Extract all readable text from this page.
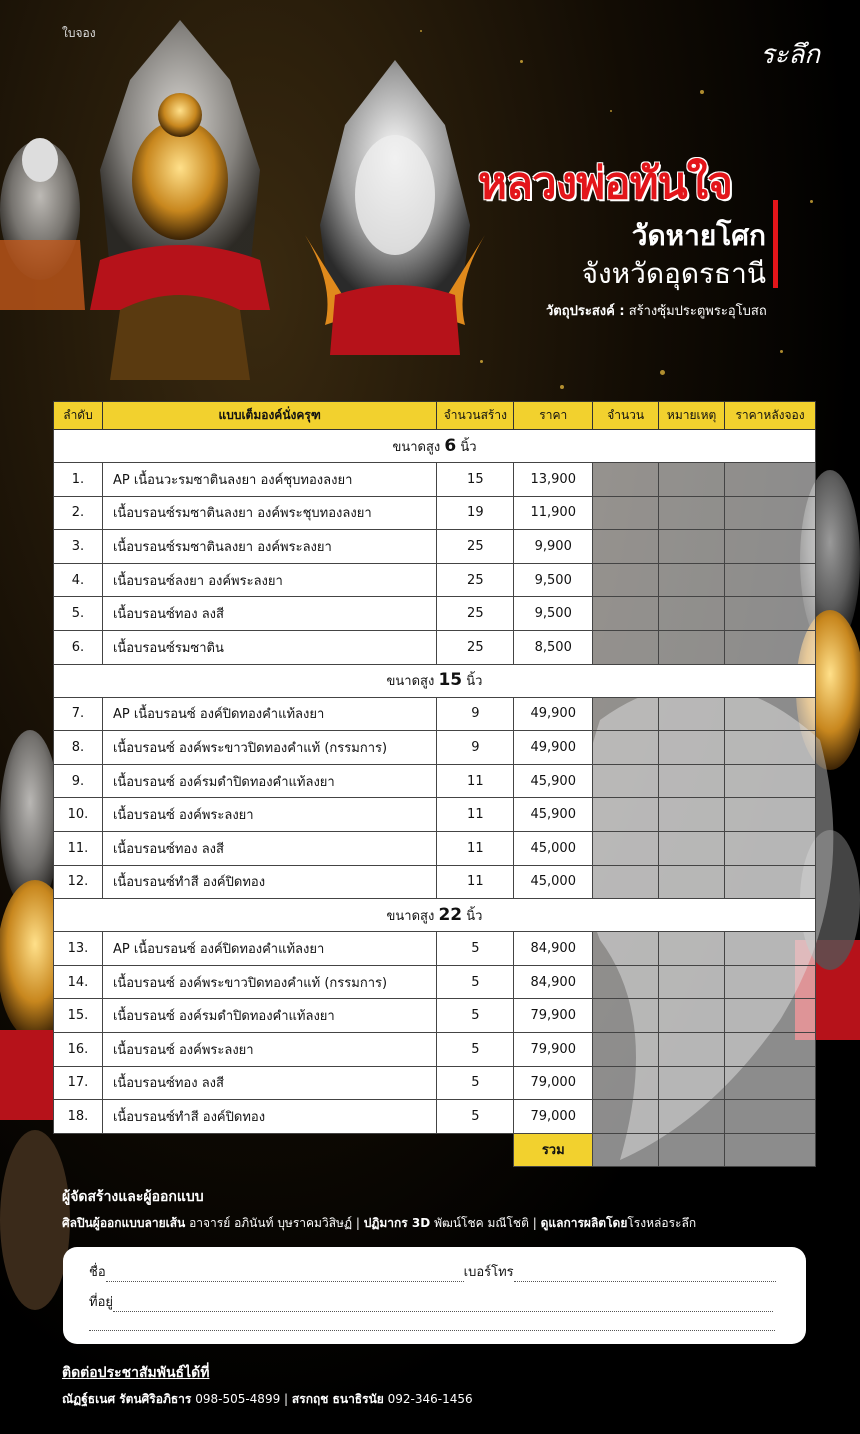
ใบจอง
ระลึก
หลวงพ่อทันใจ
วัดหายโศก
จังหวัดอุดรธานี
วัตถุประสงค์ : สร้างซุ้มประตูพระอุโบสถ
ลำดับ	แบบเต็มองค์นั่งครุฑ	จำนวนสร้าง	ราคา	จำนวน	หมายเหตุ	ราคาหลังจอง
ขนาดสูง 6 นิ้ว						
1.	AP เนื้อนวะรมซาตินลงยา องค์ชุบทองลงยา	15	13,900			
2.	เนื้อบรอนซ์รมซาตินลงยา องค์พระชุบทองลงยา	19	11,900			
3.	เนื้อบรอนซ์รมซาตินลงยา องค์พระลงยา	25	9,900			
4.	เนื้อบรอนซ์ลงยา องค์พระลงยา	25	9,500			
5.	เนื้อบรอนซ์ทอง ลงสี	25	9,500			
6.	เนื้อบรอนซ์รมซาติน	25	8,500			
ขนาดสูง 15 นิ้ว						
7.	AP เนื้อบรอนซ์ องค์ปิดทองคำแท้ลงยา	9	49,900			
8.	เนื้อบรอนซ์ องค์พระขาวปิดทองคำแท้ (กรรมการ)	9	49,900			
9.	เนื้อบรอนซ์ องค์รมดำปิดทองคำแท้ลงยา	11	45,900			
10.	เนื้อบรอนซ์ องค์พระลงยา	11	45,900			
11.	เนื้อบรอนซ์ทอง ลงสี	11	45,000			
12.	เนื้อบรอนซ์ทำสี องค์ปิดทอง	11	45,000			
ขนาดสูง 22 นิ้ว						
13.	AP เนื้อบรอนซ์ องค์ปิดทองคำแท้ลงยา	5	84,900			
14.	เนื้อบรอนซ์ องค์พระขาวปิดทองคำแท้ (กรรมการ)	5	84,900			
15.	เนื้อบรอนซ์ องค์รมดำปิดทองคำแท้ลงยา	5	79,900			
16.	เนื้อบรอนซ์ องค์พระลงยา	5	79,900			
17.	เนื้อบรอนซ์ทอง ลงสี	5	79,000			
18.	เนื้อบรอนซ์ทำสี องค์ปิดทอง	5	79,000			
			รวม			
ผู้จัดสร้างและผู้ออกแบบ
ศิลปินผู้ออกแบบลายเส้น อาจารย์ อภินันท์ บุษราคมวิสิษฏ์ | ปฏิมากร 3D พัฒน์โชค มณีโชติ | ดูแลการผลิตโดยโรงหล่อระลึก
ชื่อ	เบอร์โทร
ที่อยู่
ติดต่อประชาสัมพันธ์ได้ที่
ณัฏฐ์ธเนศ รัตนศิริอภิธาร 098-505-4899 | สรกฤช ธนาธิรนัย 092-346-1456
